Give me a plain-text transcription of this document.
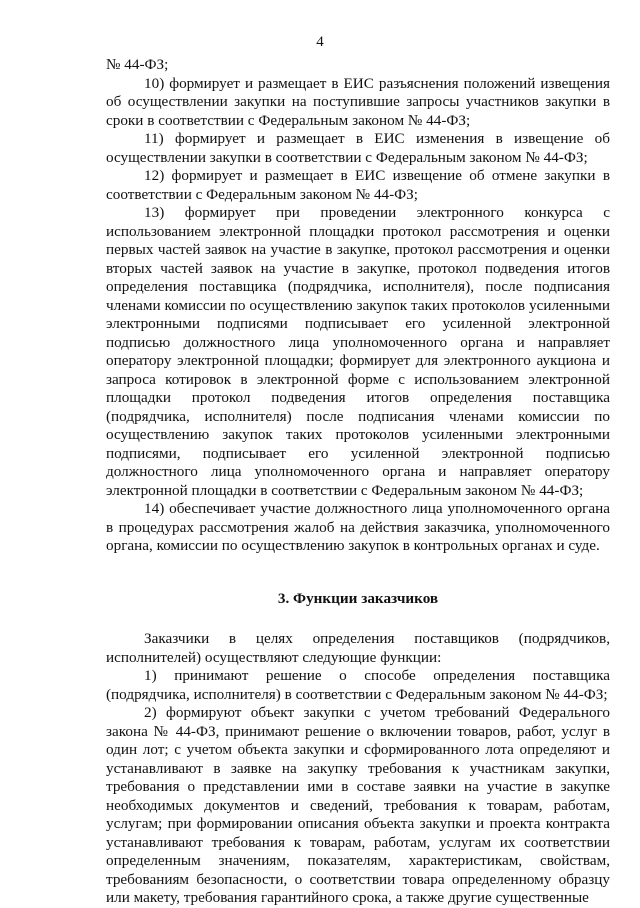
4

№ 44-ФЗ;

10) формирует и размещает в ЕИС разъяснения положений извещения об осуществлении закупки на поступившие запросы участников закупки в сроки в соответствии с Федеральным законом № 44-ФЗ;

11) формирует и размещает в ЕИС изменения в извещение об осуществлении закупки в соответствии с Федеральным законом № 44-ФЗ;

12) формирует и размещает в ЕИС извещение об отмене закупки в соответствии с Федеральным законом № 44-ФЗ;

13) формирует при проведении электронного конкурса с использованием электронной площадки протокол рассмотрения и оценки первых частей заявок на участие в закупке, протокол рассмотрения и оценки вторых частей заявок на участие в закупке, протокол подведения итогов определения поставщика (подрядчика, исполнителя), после подписания членами комиссии по осуществлению закупок таких протоколов усиленными электронными подписями подписывает его усиленной электронной подписью должностного лица уполномоченного органа и направляет оператору электронной площадки; формирует для электронного аукциона и запроса котировок в электронной форме с использованием электронной площадки протокол подведения итогов определения поставщика (подрядчика, исполнителя) после подписания членами комиссии по осуществлению закупок таких протоколов усиленными электронными подписями, подписывает его усиленной электронной подписью должностного лица уполномоченного органа и направляет оператору электронной площадки в соответствии с Федеральным законом № 44-ФЗ;

14) обеспечивает участие должностного лица уполномоченного органа в процедурах рассмотрения жалоб на действия заказчика, уполномоченного органа, комиссии по осуществлению закупок в контрольных органах и суде.

3. Функции заказчиков

Заказчики в целях определения поставщиков (подрядчиков, исполнителей) осуществляют следующие функции:

1) принимают решение о способе определения поставщика (подрядчика, исполнителя) в соответствии с Федеральным законом № 44-ФЗ;

2) формируют объект закупки с учетом требований Федерального закона № 44-ФЗ, принимают решение о включении товаров, работ, услуг в один лот; с учетом объекта закупки и сформированного лота определяют и устанавливают в заявке на закупку требования к участникам закупки, требования о представлении ими в составе заявки на участие в закупке необходимых документов и сведений, требования к товарам, работам, услугам; при формировании описания объекта закупки и проекта контракта устанавливают требования к товарам, работам, услугам их соответствии определенным значениям, показателям, характеристикам, свойствам, требованиям безопасности, о соответствии товара определенному образцу или макету, требования гарантийного срока, а также другие существенные
